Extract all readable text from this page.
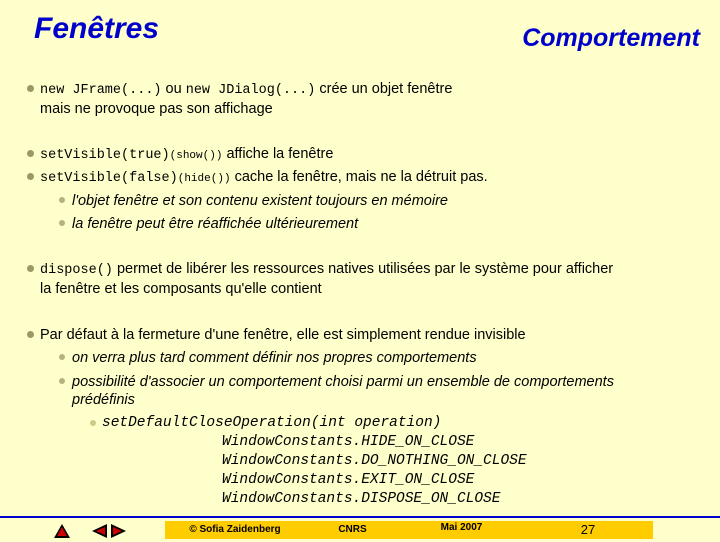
Fenêtres	Comportement
new JFrame(...) ou new JDialog(...) crée un objet fenêtre
mais ne provoque pas son affichage
setVisible(true)(show()) affiche la fenêtre
setVisible(false)(hide()) cache la fenêtre, mais ne la détruit pas.
l'objet fenêtre et son contenu existent toujours en mémoire
la fenêtre peut être réaffichée ultérieurement
dispose() permet de libérer les ressources natives utilisées par le système pour afficher
la fenêtre et les composants qu'elle contient
Par défaut à la fermeture d'une fenêtre, elle est simplement rendue invisible
on verra plus tard comment définir nos propres comportements
possibilité d'associer un comportement choisi parmi un ensemble de comportements
prédéfinis
setDefaultCloseOperation(int operation)
WindowConstants.HIDE_ON_CLOSE
WindowConstants.DO_NOTHING_ON_CLOSE
WindowConstants.EXIT_ON_CLOSE
WindowConstants.DISPOSE_ON_CLOSE
© Sofia Zaidenberg	CNRS	Mai 2007	27
